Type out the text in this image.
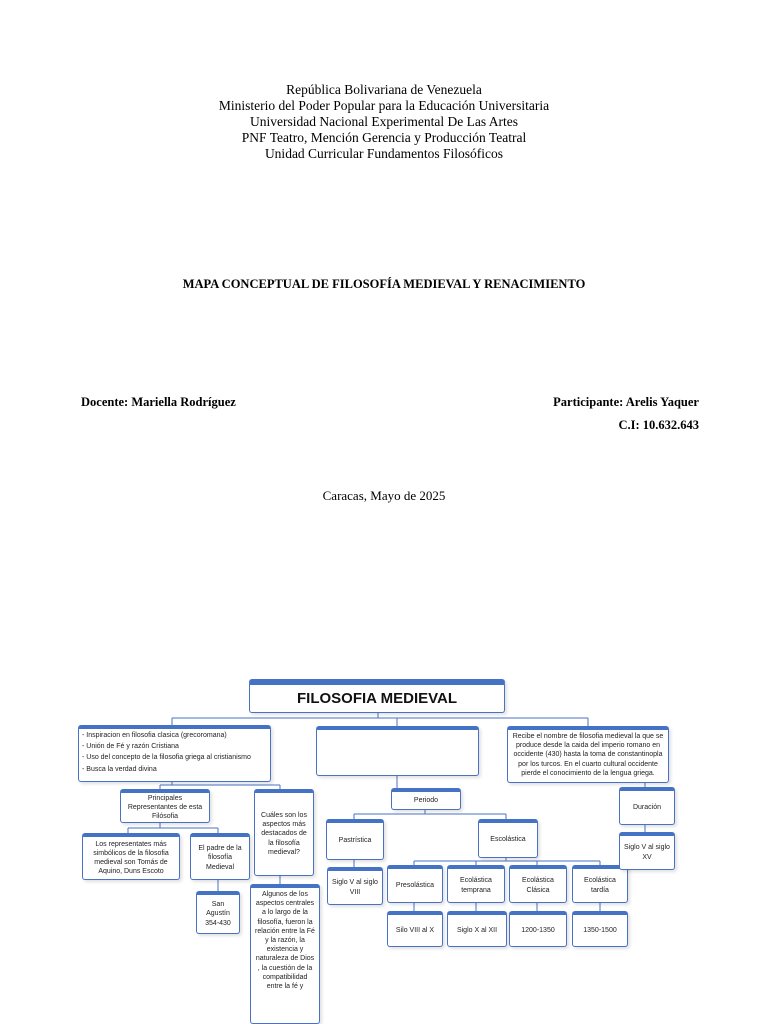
República Bolivariana de Venezuela
Ministerio del Poder Popular para la Educación Universitaria
Universidad Nacional Experimental De Las Artes
PNF Teatro, Mención Gerencia y Producción Teatral
Unidad Curricular Fundamentos Filosóficos
MAPA CONCEPTUAL DE FILOSOFÍA MEDIEVAL Y RENACIMIENTO
Docente: Mariella Rodríguez	Participante: Arelis Yaquer
C.I: 10.632.643
Caracas, Mayo de 2025
FILOSOFIA MEDIEVAL
- Inspiracion en filosofia clasica (grecoromana)
- Unión de Fé y razón Cristiana
- Uso del concepto de la filosofia griega al cristianismo
- Busca la verdad divina
Recibe el nombre de filosofia medieval la que se produce desde la caida del imperio romano en occidente (430) hasta la toma de constantinopla por los turcos. En el cuarto cultural occidente pierde el conocimiento de la lengua griega.
Principales Representantes de esta Filósofia
Los representates más simbólicos de la filosofia medieval son Tomás de Aquino, Duns Escoto
El padre de la filosofía Medieval
San Agustín 354-430
Cuáles son los aspectos más destacados de la filosofía medieval?
Algunos de los aspectos centrales a lo largo de la filosofía, fueron la relación entre la Fé y la razón, la existencia y naturaleza de Dios , la cuestión de la compatibilidad entre la fé y
Periodo
Pastrística
Siglo V al siglo VIII
Escolástica
Presolástica
Ecolástica temprana
Ecolástica Clásica
Ecolástica tardía
Silo VIII al X	Siglo X al XII	1200-1350	1350-1500
Duración
Siglo V al siglo XV
